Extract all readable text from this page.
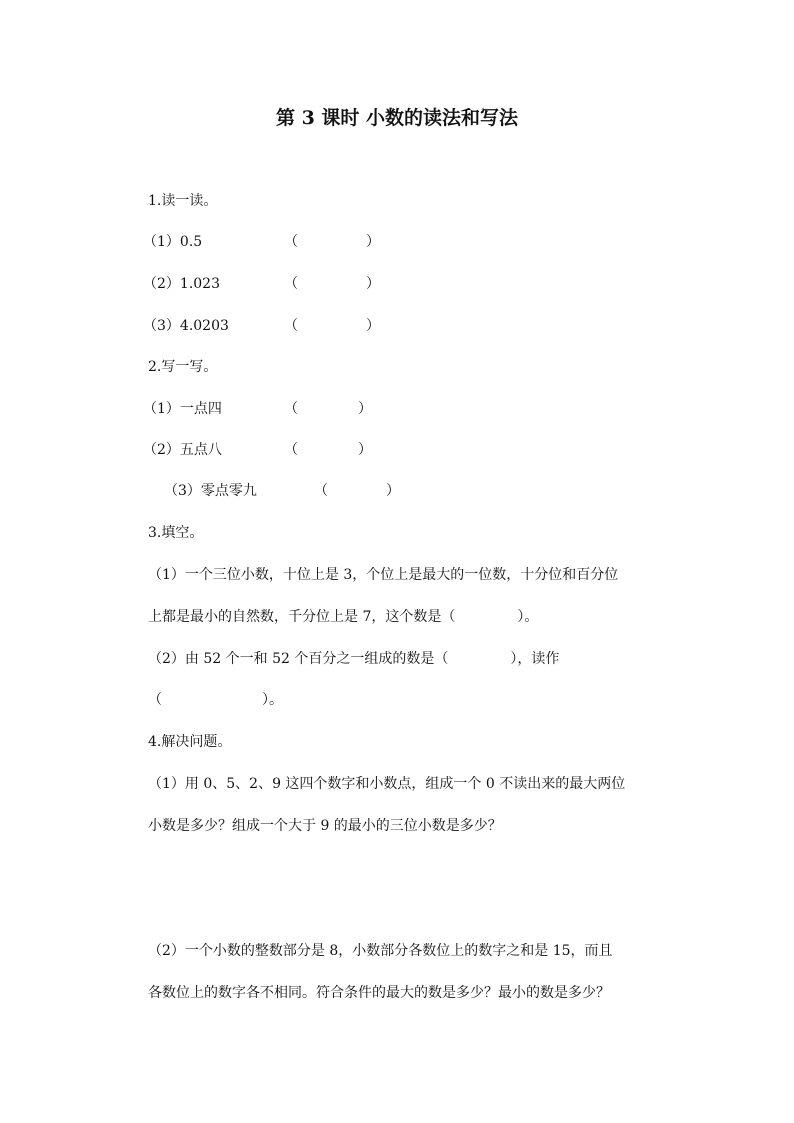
第 3 课时 小数的读法和写法
1.读一读。
（1）0.5	（	）
（2）1.023	（	）
（3）4.0203	（	）
2.写一写。
（1）一点四	（	）
（2）五点八	（	）
（3）零点零九	（	）
3.填空。
（1）一个三位小数，十位上是 3，个位上是最大的一位数，十分位和百分位
上都是最小的自然数，千分位上是 7，这个数是（	）。
（2）由 52 个一和 52 个百分之一组成的数是（	），读作
（	）。
4.解决问题。
（1）用 0、5、2、9 这四个数字和小数点，组成一个 0 不读出来的最大两位
小数是多少？组成一个大于 9 的最小的三位小数是多少？
（2）一个小数的整数部分是 8，小数部分各数位上的数字之和是 15，而且
各数位上的数字各不相同。符合条件的最大的数是多少？最小的数是多少？
